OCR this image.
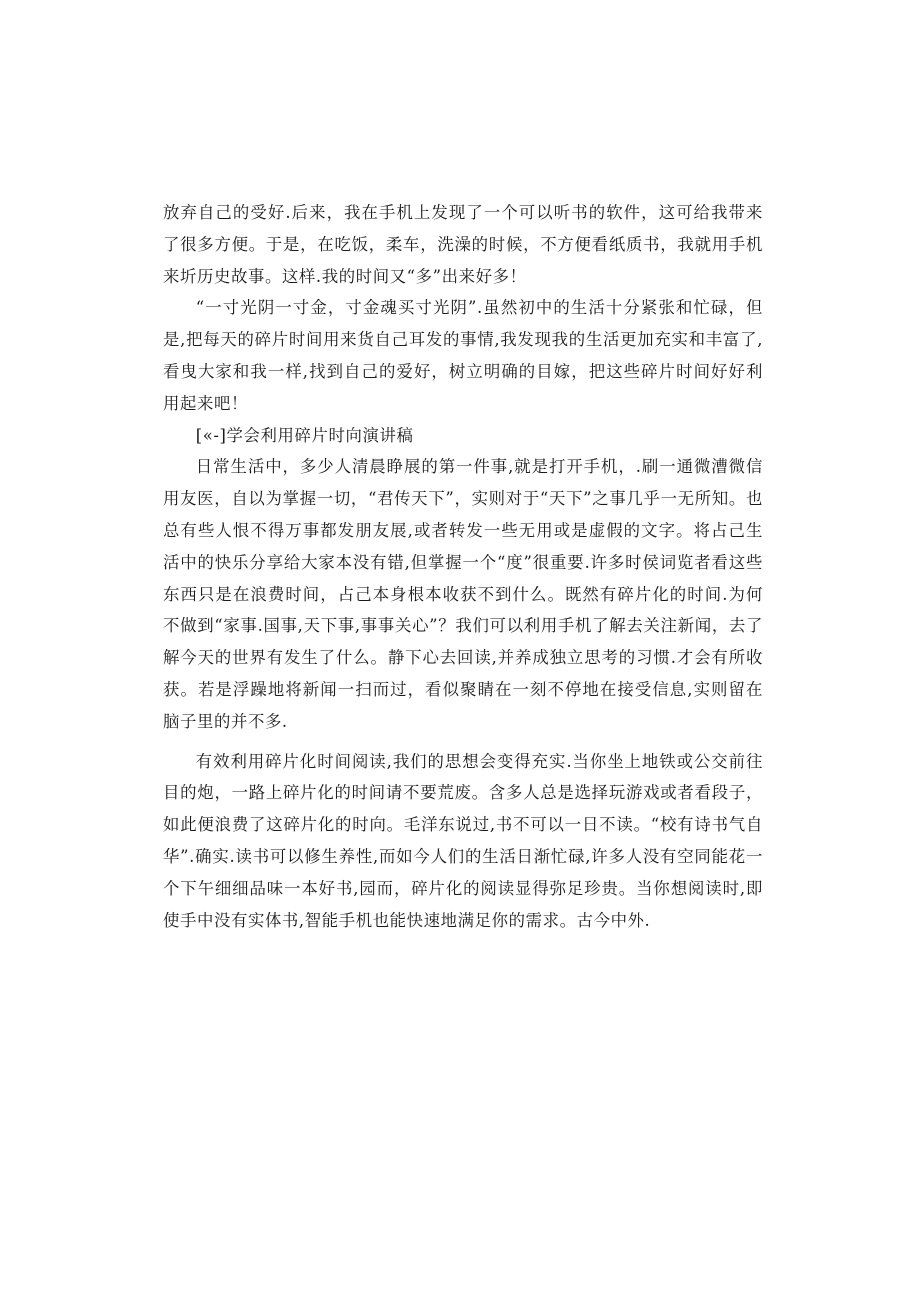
放弃自己的受好.后来，我在手机上发现了一个可以听书的软件，这可给我带来了很多方便。于是，在吃饭，柔车，洗澡的时候，不方便看纸质书，我就用手机来圻历史故事。这样.我的时间又“多”出来好多！

“一寸光阴一寸金，寸金魂买寸光阴”.虽然初中的生活十分紧张和忙碌，但是,把每天的碎片时间用来货自己耳发的事情,我发现我的生活更加充实和丰富了,看曳大家和我一样,找到自己的爱好，树立明确的目嫁，把这些碎片时间好好利用起来吧！

[«-]学会利用碎片时向演讲稿

日常生活中，多少人清晨睁展的第一件事,就是打开手机，.刷一通微漕微信用友医，自以为掌握一切，“君传天下”，实则对于“天下”之事几乎一无所知。也总有些人恨不得万事都发朋友展,或者转发一些无用或是虚假的文字。将占己生活中的快乐分享给大家本没有错,但掌握一个“度”很重要.许多时侯词览者看这些东西只是在浪费时间，占己本身根本收获不到什么。既然有碎片化的时间.为何不做到“家事.国事,天下事,事事关心”？我们可以利用手机了解去关注新闻，去了解今天的世界有发生了什么。静下心去回读,并养成独立思考的习惯.才会有所收获。若是浮躁地将新闻一扫而过，看似聚睛在一刻不停地在接受信息,实则留在脑子里的并不多.

有效利用碎片化时间阅读,我们的思想会变得充实.当你坐上地铁或公交前往目的炮，一路上碎片化的时间请不要荒废。含多人总是选择玩游戏或者看段子，如此便浪费了这碎片化的时向。毛洋东说过,书不可以一日不读。“校有诗书气自华”.确实.读书可以修生养性,而如今人们的生活日渐忙碌,许多人没有空同能花一个下午细细品味一本好书,园而，碎片化的阅读显得弥足珍贵。当你想阅读时,即使手中没有实体书,智能手机也能快速地满足你的需求。古今中外.
